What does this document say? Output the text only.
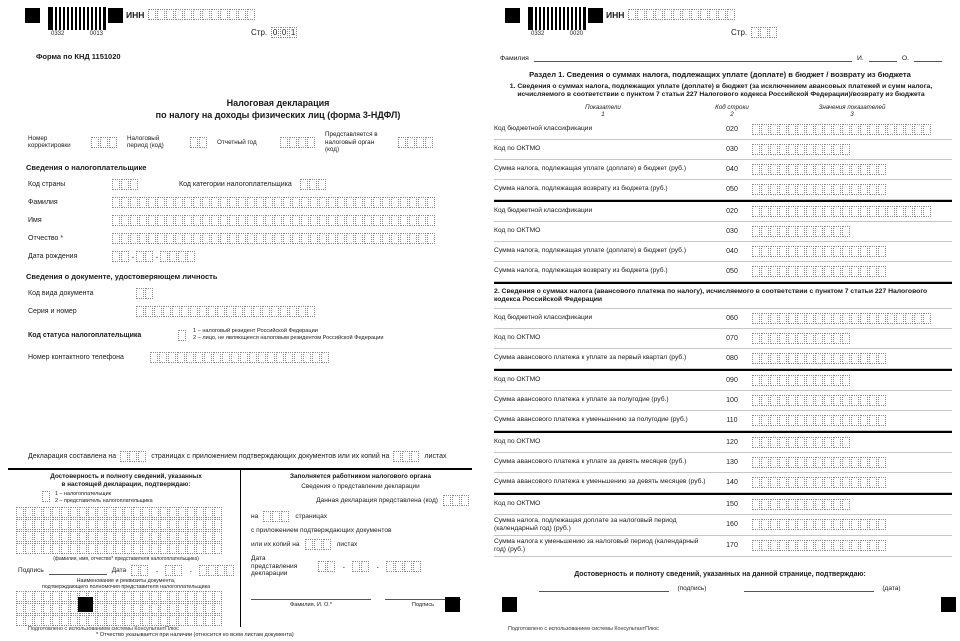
0332	0013
ИНН
Стр. 0 0 1
Форма по КНД 1151020
Налоговая декларация
по налогу на доходы физических лиц (форма 3-НДФЛ)
Номер корректировки
Налоговый период (код)
Отчетный год
Представляется в налоговый орган (код)
Сведения о налогоплательщике
Код страны	Код категории налогоплательщика
Фамилия
Имя
Отчество *
Дата рождения	.	.
Сведения о документе, удостоверяющем личность
Код вида документа
Серия и номер
Код статуса налогоплательщика
1 – налоговый резидент Российской Федерации
2 – лицо, не являющееся налоговым резидентом Российской Федерации
Номер контактного телефона
Декларация составлена на	страницах с приложением подтверждающих документов или их копий на	листах
Достоверность и полноту сведений, указанных
в настоящей декларации, подтверждаю:
1 – налогоплательщик
2 – представитель налогоплательщика

(фамилия, имя, отчество* представителя налогоплательщика)
Подпись	Дата	.	.
Наименование и реквизиты документа,
подтверждающего полномочия представителя налогоплательщика

Заполняется работником налогового органа
Сведения о представлении декларации
Данная декларация представлена (код)
на	страницах
с приложением подтверждающих документов
или их копий на	листах
Дата представления декларации
.	.
Фамилия, И. О.*	Подпись
* Отчество указывается при наличии (относится ко всем листам документа)
Подготовлено с использованием системы КонсультантПлюс
0332	0020
ИНН
Стр.
Фамилия	И.	О.
Раздел 1. Сведения о суммах налога, подлежащих уплате (доплате) в бюджет / возврату из бюджета
1. Сведения о суммах налога, подлежащих уплате (доплате) в бюджет (за исключением авансовых платежей и сумм налога, исчисляемого в соответствии с пунктом 7 статьи 227 Налогового кодекса Российской Федерации)/возврату из бюджета
Показатели
1
Код строки
2
Значения показателей
3
Код бюджетной классификации	020
Код по ОКТМО	030
Сумма налога, подлежащая уплате (доплате) в бюджет (руб.)	040
Сумма налога, подлежащая возврату из бюджета (руб.)	050
Код бюджетной классификации	020
Код по ОКТМО	030
Сумма налога, подлежащая уплате (доплате) в бюджет (руб.)	040
Сумма налога, подлежащая возврату из бюджета (руб.)	050
2. Сведения о суммах налога (авансового платежа по налогу), исчисляемого в соответствии с пунктом 7 статьи 227 Налогового кодекса Российской Федерации
Код бюджетной классификации	060
Код по ОКТМО	070
Сумма авансового платежа к уплате за первый квартал (руб.)	080
Код по ОКТМО	090
Сумма авансового платежа к уплате за полугодие (руб.)	100
Сумма авансового платежа к уменьшению за полугодие (руб.)	110
Код по ОКТМО	120
Сумма авансового платежа к уплате за девять месяцев (руб.)	130
Сумма авансового платежа к уменьшению за девять месяцев (руб.)	140
Код по ОКТМО	150
Сумма налога, подлежащая доплате за налоговый период (календарный год) (руб.)	160
Сумма налога к уменьшению за налоговый период (календарный год) (руб.)	170
Достоверность и полноту сведений, указанных на данной странице, подтверждаю:
(подпись)	(дата)
Подготовлено с использованием системы КонсультантПлюс
